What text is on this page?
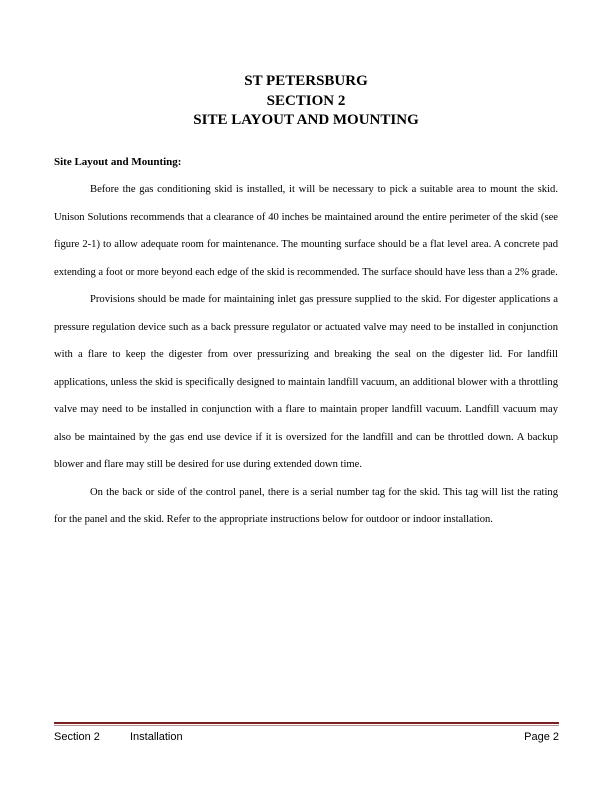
ST PETERSBURG
SECTION 2
SITE LAYOUT AND MOUNTING
Site Layout and Mounting:

Before the gas conditioning skid is installed, it will be necessary to pick a suitable area to mount the skid. Unison Solutions recommends that a clearance of 40 inches be maintained around the entire perimeter of the skid (see figure 2-1) to allow adequate room for maintenance. The mounting surface should be a flat level area. A concrete pad extending a foot or more beyond each edge of the skid is recommended. The surface should have less than a 2% grade.

Provisions should be made for maintaining inlet gas pressure supplied to the skid. For digester applications a pressure regulation device such as a back pressure regulator or actuated valve may need to be installed in conjunction with a flare to keep the digester from over pressurizing and breaking the seal on the digester lid. For landfill applications, unless the skid is specifically designed to maintain landfill vacuum, an additional blower with a throttling valve may need to be installed in conjunction with a flare to maintain proper landfill vacuum. Landfill vacuum may also be maintained by the gas end use device if it is oversized for the landfill and can be throttled down. A backup blower and flare may still be desired for use during extended down time.

On the back or side of the control panel, there is a serial number tag for the skid. This tag will list the rating for the panel and the skid. Refer to the appropriate instructions below for outdoor or indoor installation.

Section 2	Installation	Page 2
